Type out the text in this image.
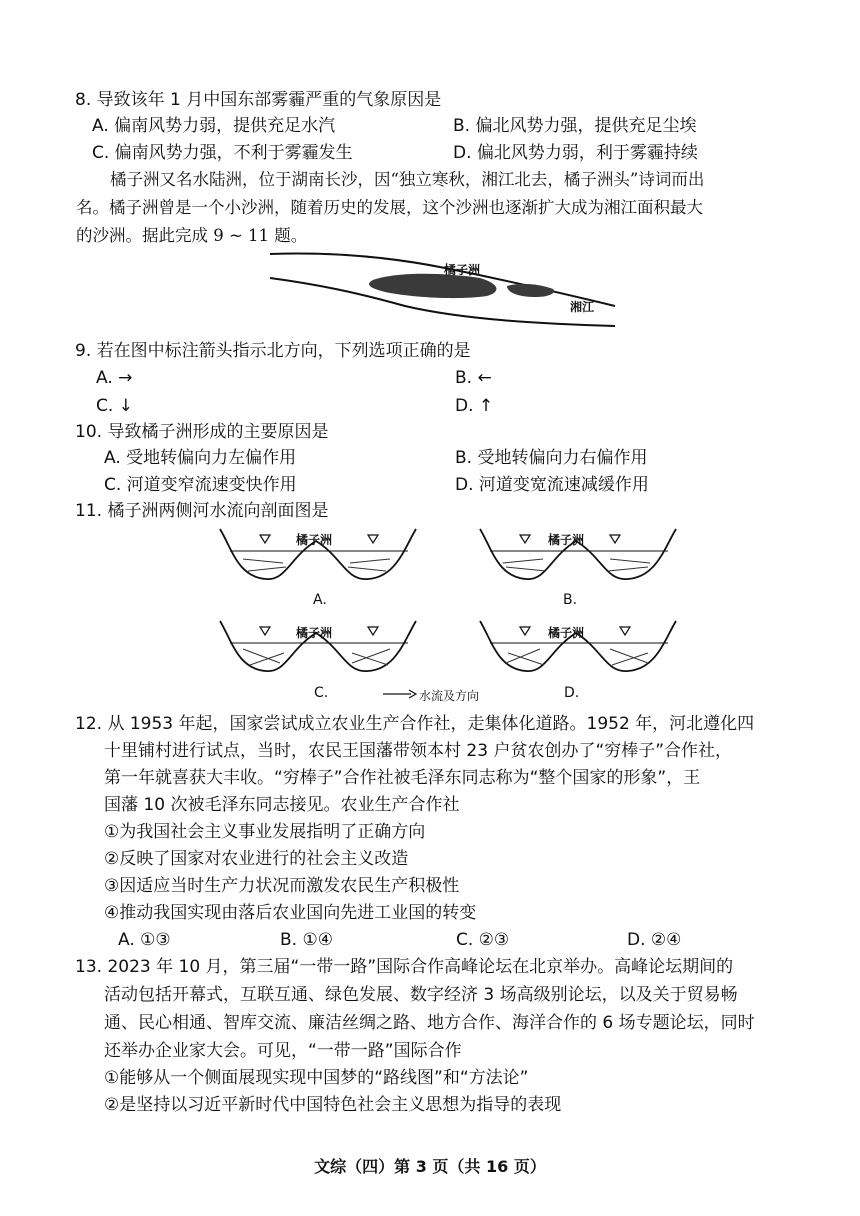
8. 导致该年 1 月中国东部雾霾严重的气象原因是
A. 偏南风势力弱，提供充足水汽	B. 偏北风势力强，提供充足尘埃
C. 偏南风势力强，不利于雾霾发生	D. 偏北风势力弱，利于雾霾持续
橘子洲又名水陆洲，位于湖南长沙，因“独立寒秋，湘江北去，橘子洲头”诗词而出
名。橘子洲曾是一个小沙洲，随着历史的发展，这个沙洲也逐渐扩大成为湘江面积最大
的沙洲。据此完成 9 ~ 11 题。
橘子洲
湘江
9. 若在图中标注箭头指示北方向，下列选项正确的是
A. →	B. ←
C. ↓	D. ↑
10. 导致橘子洲形成的主要原因是
A. 受地转偏向力左偏作用	B. 受地转偏向力右偏作用
C. 河道变窄流速变快作用	D. 河道变宽流速减缓作用
11. 橘子洲两侧河水流向剖面图是
橘子洲	橘子洲
橘子洲	橘子洲
A.	B.
C.	D.
水流及方向
12. 从 1953 年起，国家尝试成立农业生产合作社，走集体化道路。1952 年，河北遵化四
十里铺村进行试点，当时，农民王国藩带领本村 23 户贫农创办了“穷棒子”合作社，
第一年就喜获大丰收。“穷棒子”合作社被毛泽东同志称为“整个国家的形象”，王
国藩 10 次被毛泽东同志接见。农业生产合作社
①为我国社会主义事业发展指明了正确方向
②反映了国家对农业进行的社会主义改造
③因适应当时生产力状况而激发农民生产积极性
④推动我国实现由落后农业国向先进工业国的转变
A. ①③	B. ①④	C. ②③	D. ②④
13. 2023 年 10 月，第三届“一带一路”国际合作高峰论坛在北京举办。高峰论坛期间的
活动包括开幕式，互联互通、绿色发展、数字经济 3 场高级别论坛，以及关于贸易畅
通、民心相通、智库交流、廉洁丝绸之路、地方合作、海洋合作的 6 场专题论坛，同时
还举办企业家大会。可见，“一带一路”国际合作
①能够从一个侧面展现实现中国梦的“路线图”和“方法论”
②是坚持以习近平新时代中国特色社会主义思想为指导的表现
文综（四）第 3 页（共 16 页）
